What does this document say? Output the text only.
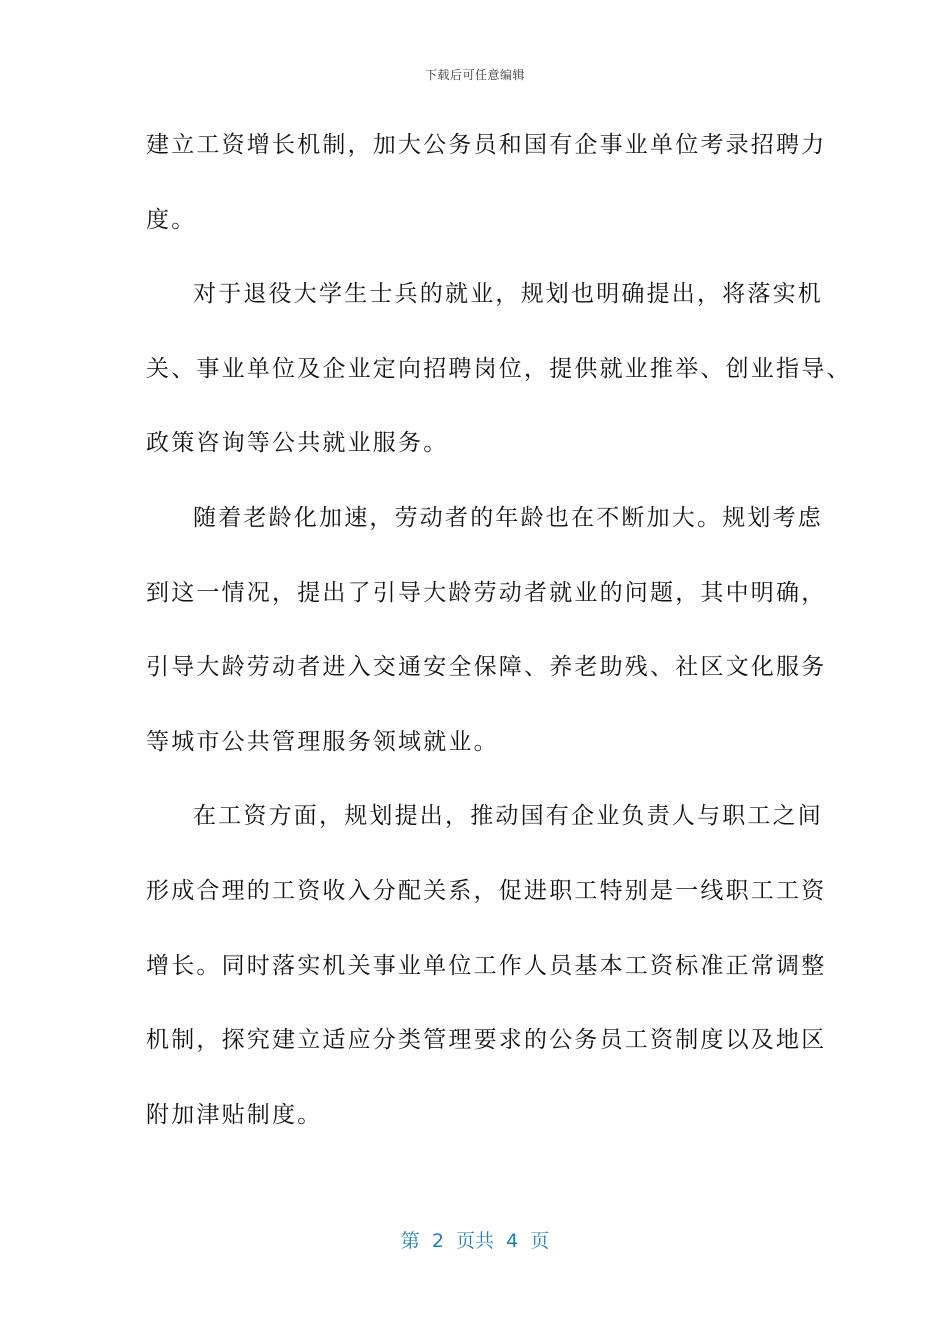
下载后可任意编辑
建立工资增长机制，加大公务员和国有企事业单位考录招聘力
度。
对于退役大学生士兵的就业，规划也明确提出，将落实机
关、事业单位及企业定向招聘岗位，提供就业推举、创业指导、
政策咨询等公共就业服务。
随着老龄化加速，劳动者的年龄也在不断加大。规划考虑
到这一情况，提出了引导大龄劳动者就业的问题，其中明确，
引导大龄劳动者进入交通安全保障、养老助残、社区文化服务
等城市公共管理服务领域就业。
在工资方面，规划提出，推动国有企业负责人与职工之间
形成合理的工资收入分配关系，促进职工特别是一线职工工资
增长。同时落实机关事业单位工作人员基本工资标准正常调整
机制，探究建立适应分类管理要求的公务员工资制度以及地区
附加津贴制度。
第  2  页共  4  页
